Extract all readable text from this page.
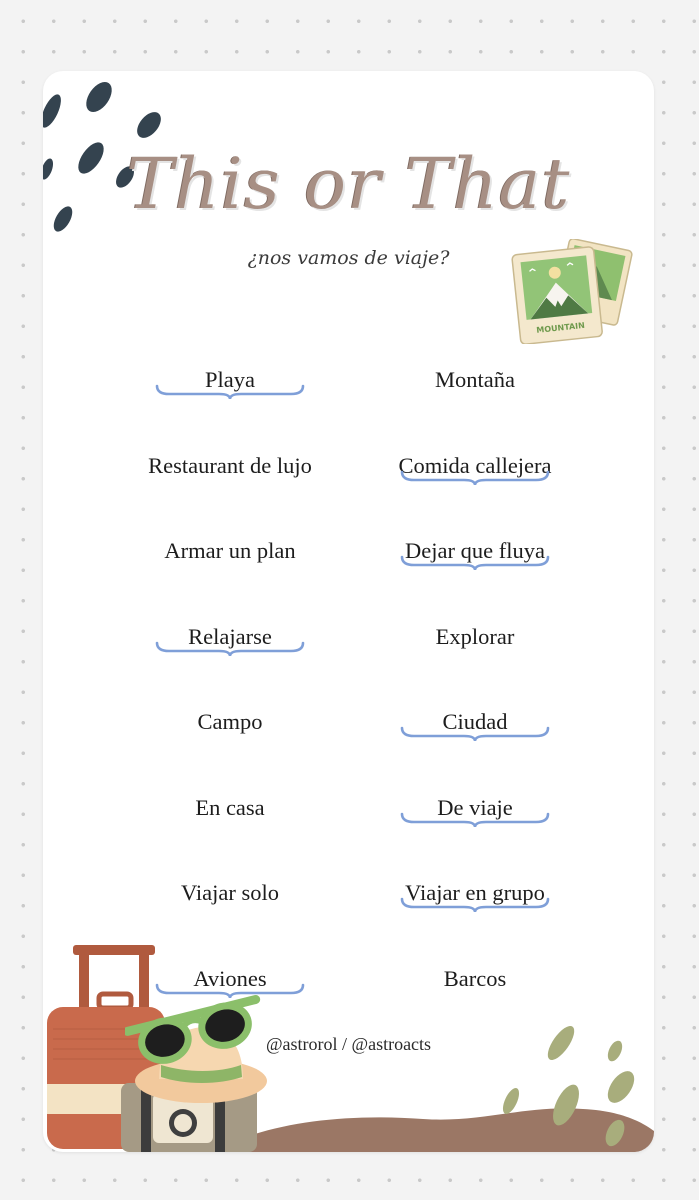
This or That
¿nos vamos de viaje?
MOUNTAIN
Playa	Montaña
Restaurant de lujo	Comida callejera
Armar un plan	Dejar que fluya
Relajarse	Explorar
Campo	Ciudad
En casa	De viaje
Viajar solo	Viajar en grupo
Aviones	Barcos
@astrorol / @astroacts
